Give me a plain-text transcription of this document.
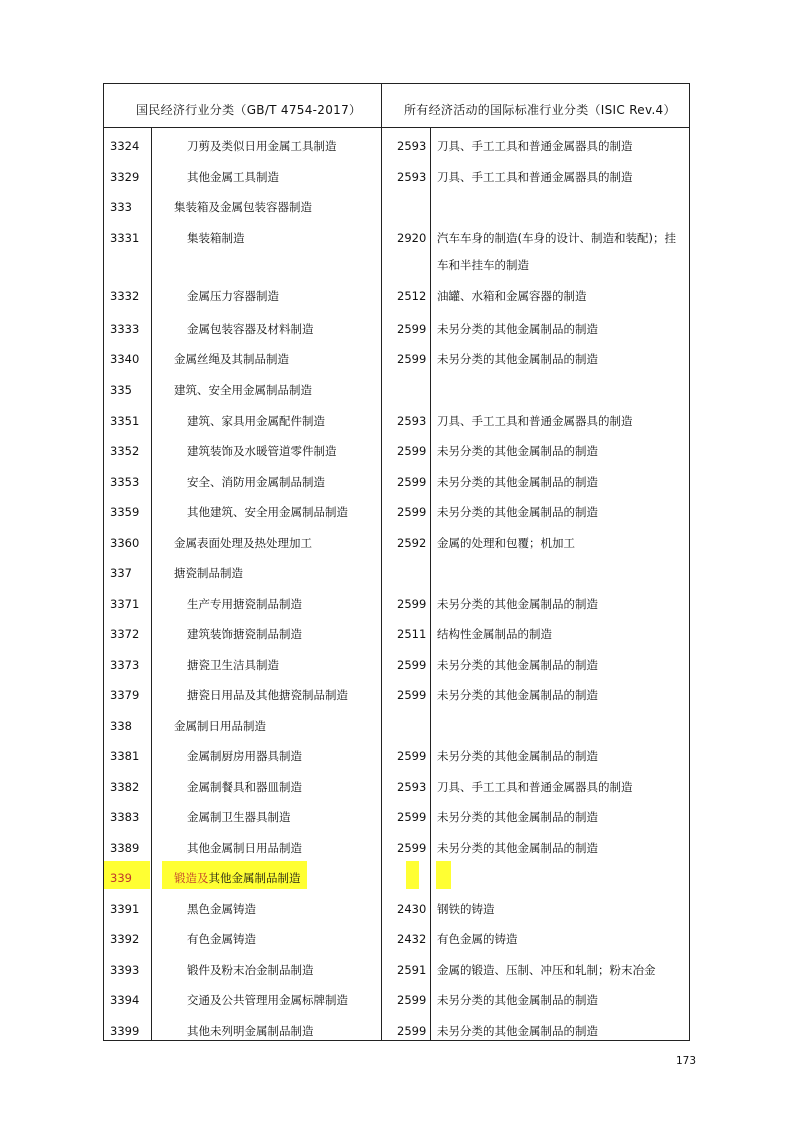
国民经济行业分类（GB/T 4754-2017）	所有经济活动的国际标准行业分类（ISIC Rev.4）
3324	刀剪及类似日用金属工具制造	2593 刀具、手工工具和普通金属器具的制造
3329	其他金属工具制造	2593 刀具、手工工具和普通金属器具的制造
333	集装箱及金属包装容器制造
3331	集装箱制造	2920 汽车车身的制造(车身的设计、制造和装配)；挂
车和半挂车的制造
3332	金属压力容器制造	2512 油罐、水箱和金属容器的制造
3333	金属包装容器及材料制造	2599 未另分类的其他金属制品的制造
3340	金属丝绳及其制品制造	2599 未另分类的其他金属制品的制造
335	建筑、安全用金属制品制造
3351	建筑、家具用金属配件制造	2593 刀具、手工工具和普通金属器具的制造
3352	建筑装饰及水暖管道零件制造	2599 未另分类的其他金属制品的制造
3353	安全、消防用金属制品制造	2599 未另分类的其他金属制品的制造
3359	其他建筑、安全用金属制品制造	2599 未另分类的其他金属制品的制造
3360	金属表面处理及热处理加工	2592 金属的处理和包覆；机加工
337	搪瓷制品制造
3371	生产专用搪瓷制品制造	2599 未另分类的其他金属制品的制造
3372	建筑装饰搪瓷制品制造	2511 结构性金属制品的制造
3373	搪瓷卫生洁具制造	2599 未另分类的其他金属制品的制造
3379	搪瓷日用品及其他搪瓷制品制造	2599 未另分类的其他金属制品的制造
338	金属制日用品制造
3381	金属制厨房用器具制造	2599 未另分类的其他金属制品的制造
3382	金属制餐具和器皿制造	2593 刀具、手工工具和普通金属器具的制造
3383	金属制卫生器具制造	2599 未另分类的其他金属制品的制造
3389	其他金属制日用品制造	2599 未另分类的其他金属制品的制造
339	锻造及其他金属制品制造
3391	黑色金属铸造	2430 钢铁的铸造
3392	有色金属铸造	2432 有色金属的铸造
3393	锻件及粉末冶金制品制造	2591 金属的锻造、压制、冲压和轧制；粉末冶金
3394	交通及公共管理用金属标牌制造	2599 未另分类的其他金属制品的制造
3399	其他未列明金属制品制造	2599 未另分类的其他金属制品的制造
173
